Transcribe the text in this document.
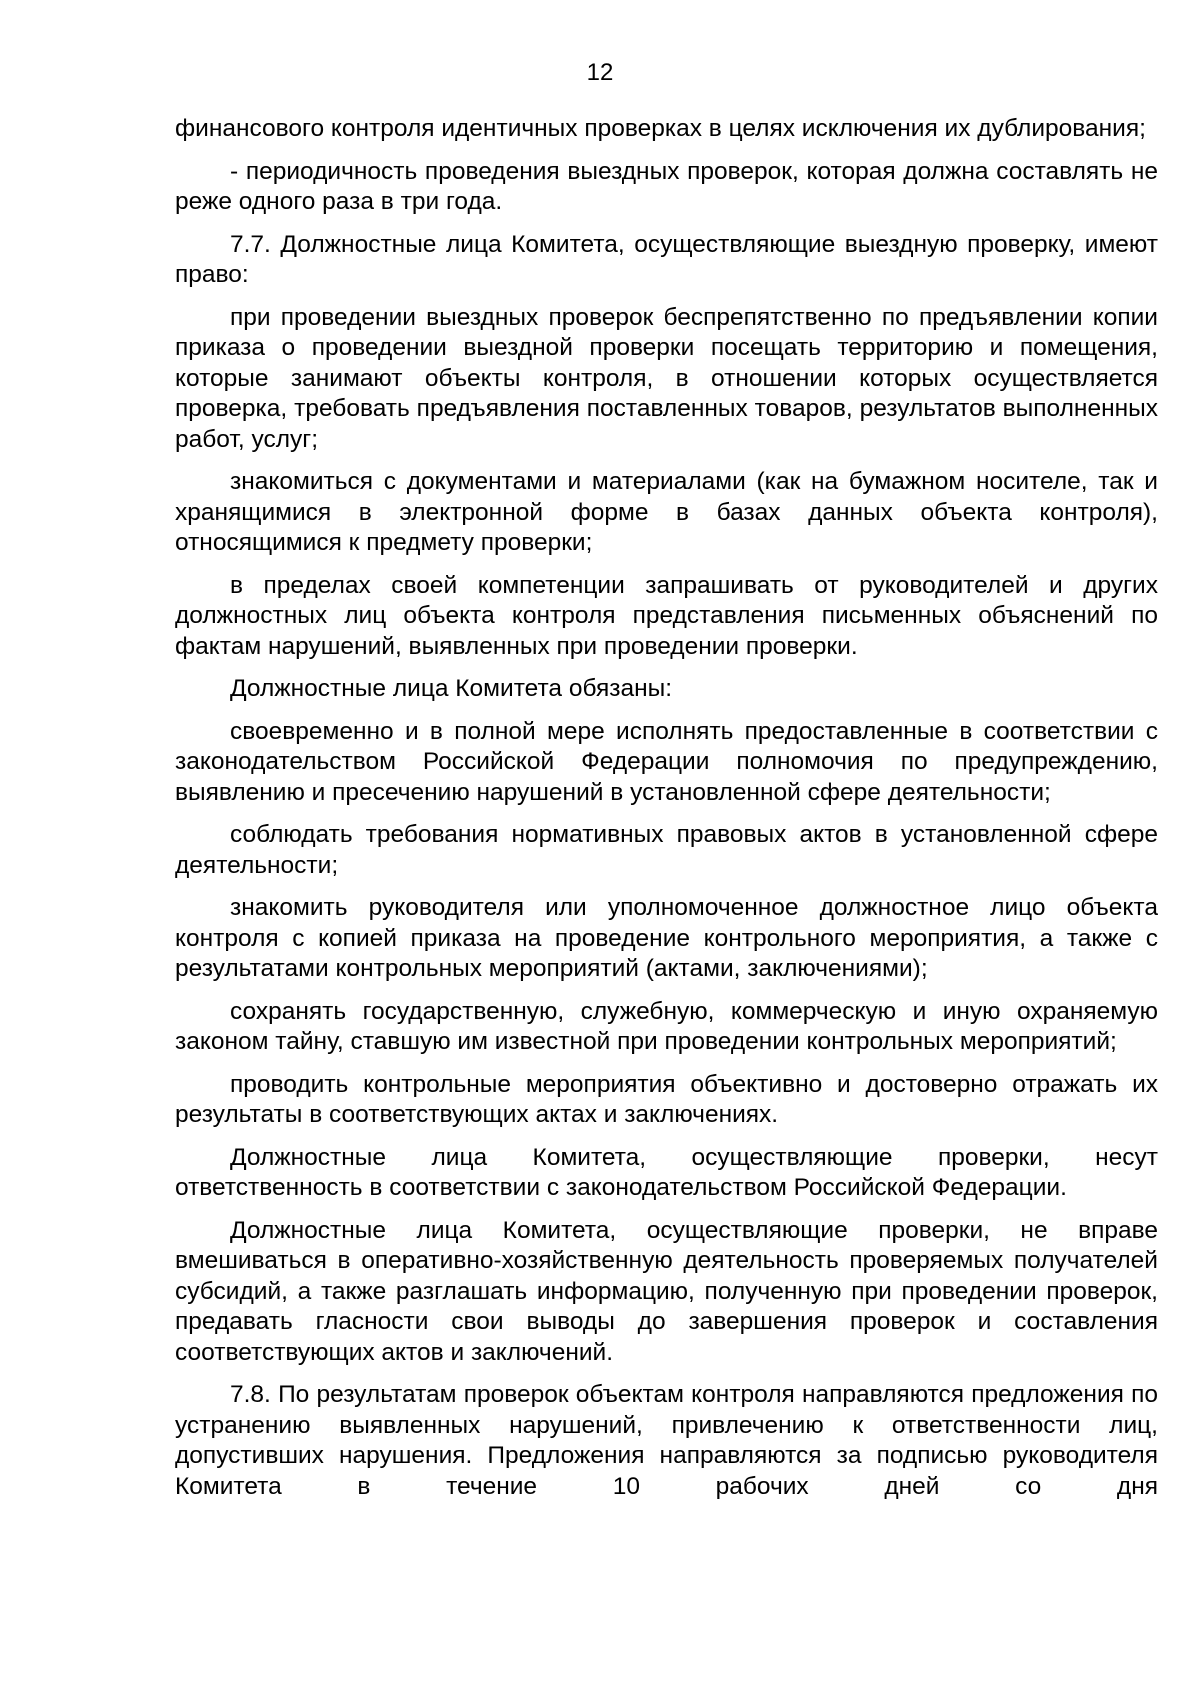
12

финансового контроля идентичных проверках в целях исключения их дублирования;

- периодичность проведения выездных проверок, которая должна составлять не реже одного раза в три года.

7.7. Должностные лица Комитета, осуществляющие выездную проверку, имеют право:

при проведении выездных проверок беспрепятственно по предъявлении копии приказа о проведении выездной проверки посещать территорию и помещения, которые занимают объекты контроля, в отношении которых осуществляется проверка, требовать предъявления поставленных товаров, результатов выполненных работ, услуг;

знакомиться с документами и материалами (как на бумажном носителе, так и хранящимися в электронной форме в базах данных объекта контроля), относящимися к предмету проверки;

в пределах своей компетенции запрашивать от руководителей и других должностных лиц объекта контроля представления письменных объяснений по фактам нарушений, выявленных при проведении проверки.

Должностные лица Комитета обязаны:

своевременно и в полной мере исполнять предоставленные в соответствии с законодательством Российской Федерации полномочия по предупреждению, выявлению и пресечению нарушений в установленной сфере деятельности;

соблюдать требования нормативных правовых актов в установленной сфере деятельности;

знакомить руководителя или уполномоченное должностное лицо объекта контроля с копией приказа на проведение контрольного мероприятия, а также с результатами контрольных мероприятий (актами, заключениями);

сохранять государственную, служебную, коммерческую и иную охраняемую законом тайну, ставшую им известной при проведении контрольных мероприятий;

проводить контрольные мероприятия объективно и достоверно отражать их результаты в соответствующих актах и заключениях.

Должностные лица Комитета, осуществляющие проверки, несут ответственность в соответствии с законодательством Российской Федерации.

Должностные лица Комитета, осуществляющие проверки, не вправе вмешиваться в оперативно-хозяйственную деятельность проверяемых получателей субсидий, а также разглашать информацию, полученную при проведении проверок, предавать гласности свои выводы до завершения проверок и составления соответствующих актов и заключений.

7.8. По результатам проверок объектам контроля направляются предложения по устранению выявленных нарушений, привлечению к ответственности лиц, допустивших нарушения. Предложения направляются за подписью руководителя Комитета в течение 10 рабочих дней со дня
